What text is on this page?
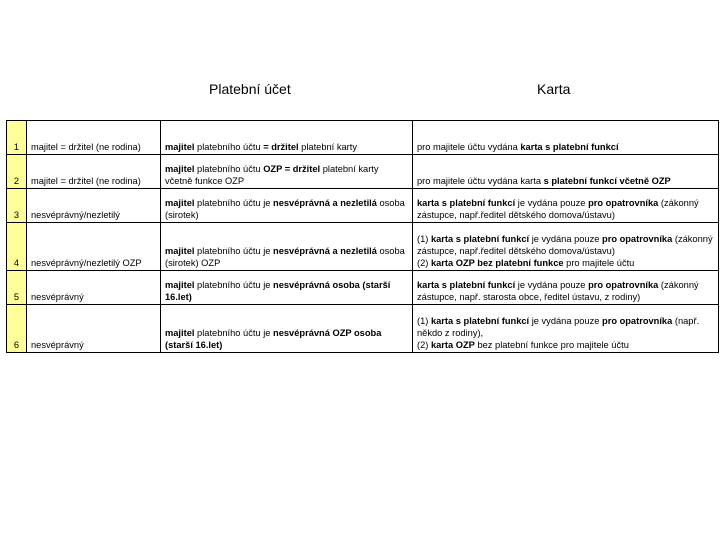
Platební účet	Karta
1	majitel = držitel (ne rodina)	majitel platebního účtu = držitel platební karty	pro majitele účtu vydána karta s platební funkcí
2	majitel = držitel (ne rodina)	majitel platebního účtu OZP = držitel platební karty včetně funkce OZP	pro majitele účtu vydána karta s platební funkcí včetně OZP
3	nesvéprávný/nezletilý	majitel platebního účtu je nesvéprávná a nezletilá osoba (sirotek)	karta s platební funkcí je vydána pouze pro opatrovníka (zákonný zástupce, např.ředitel dětského domova/ústavu)
4	nesvéprávný/nezletilý OZP	majitel platebního účtu je nesvéprávná a nezletilá osoba (sirotek) OZP	(1) karta s platební funkcí je vydána pouze pro opatrovníka (zákonný zástupce, např.ředitel dětského domova/ústavu)
(2) karta OZP bez platební funkce pro majitele účtu
5	nesvéprávný	majitel platebního účtu je nesvéprávná osoba (starší 16.let)	karta s platební funkcí je vydána pouze pro opatrovníka (zákonný zástupce, např. starosta obce, ředitel ústavu, z rodiny)
6	nesvéprávný	majitel platebního účtu je nesvéprávná OZP osoba (starší 16.let)	(1) karta s platební funkcí je vydána pouze pro opatrovníka (např. někdo z rodiny),
(2) karta OZP bez platební funkce pro majitele účtu
